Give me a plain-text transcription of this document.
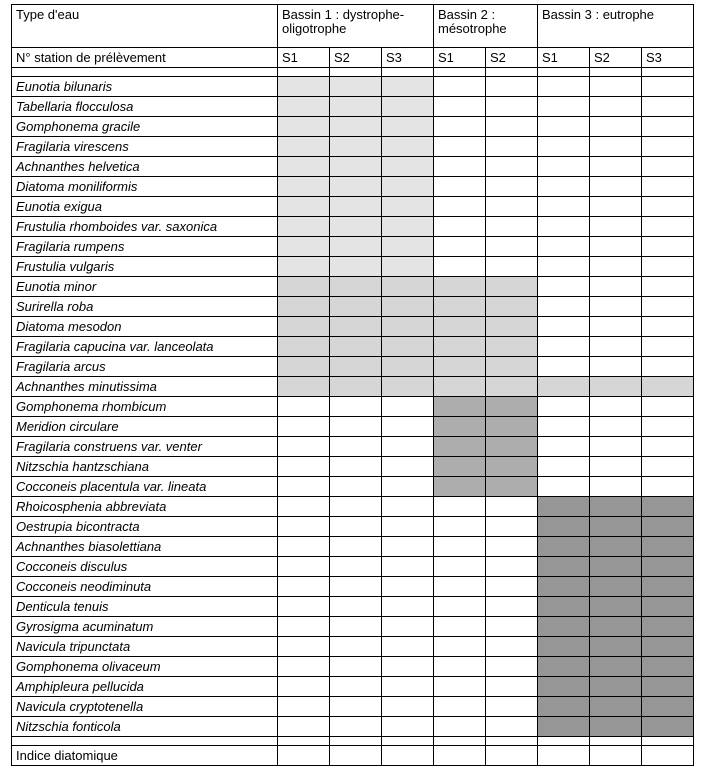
Type d'eau	Bassin 1 : dystrophe-oligotrophe			Bassin 2 : mésotrophe		Bassin 3 : eutrophe		
N° station de prélèvement	S1	S2	S3	S1	S2	S1	S2	S3

Eunotia bilunaris								
Tabellaria flocculosa								
Gomphonema gracile								
Fragilaria virescens								
Achnanthes helvetica								
Diatoma moniliformis								
Eunotia exigua								
Frustulia rhomboides var. saxonica								
Fragilaria rumpens								
Frustulia vulgaris								
Eunotia minor								
Surirella roba								
Diatoma mesodon								
Fragilaria capucina var. lanceolata								
Fragilaria arcus								
Achnanthes minutissima								
Gomphonema rhombicum								
Meridion circulare								
Fragilaria construens var. venter								
Nitzschia hantzschiana								
Cocconeis placentula var. lineata								
Rhoicosphenia abbreviata								
Oestrupia bicontracta								
Achnanthes biasolettiana								
Cocconeis disculus								
Cocconeis neodiminuta								
Denticula tenuis								
Gyrosigma acuminatum								
Navicula tripunctata								
Gomphonema olivaceum								
Amphipleura pellucida								
Navicula cryptotenella								
Nitzschia fonticola								

Indice diatomique								
